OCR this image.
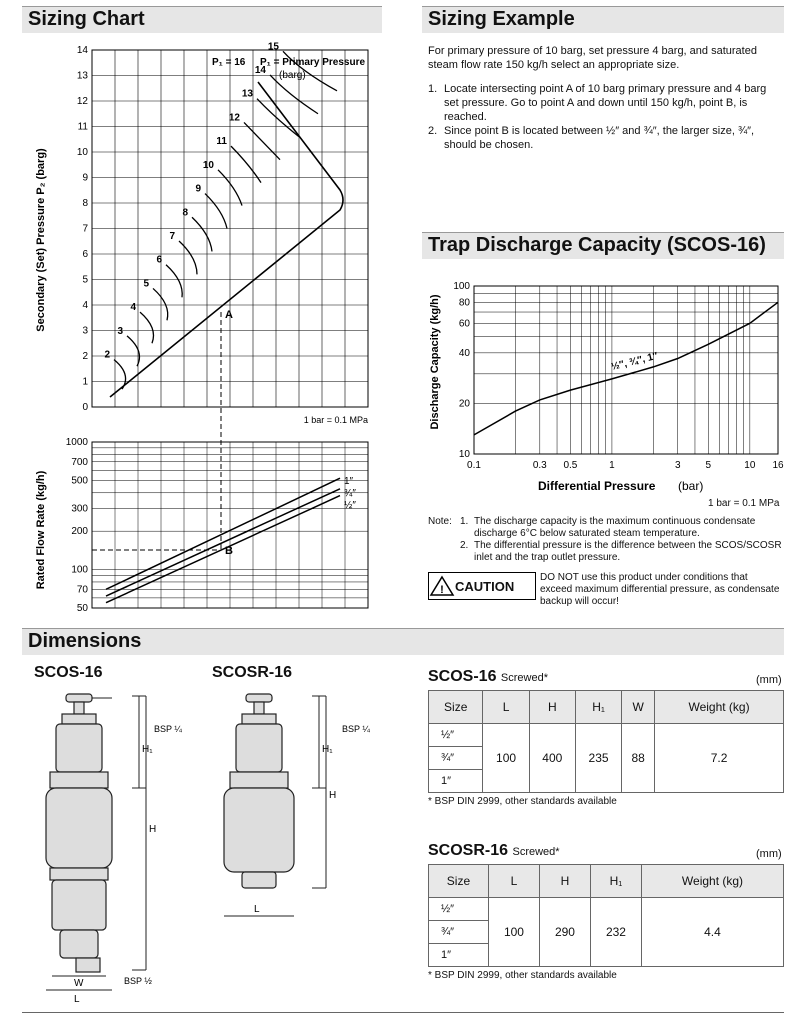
Sizing Chart	Sizing Example
Trap Discharge Capacity (SCOS-16)
Dimensions
For primary pressure of 10 barg, set pressure 4 barg, and saturated steam flow rate 150 kg/h select an appropriate size.
1. Locate intersecting point A of 10 barg primary pressure and 4 barg set pressure. Go to point A and down until 150 kg/h, point B, is reached.
2. Since point B is located between ½″ and ¾″, the larger size, ¾″, should be chosen.
0
1
2
3
4
5
6
7
8
9
10
11
12
13
14
2
3
4
5
6
7
8
9
10
11
12
13
14
15
50
70
100
200
300
500
700
1000
A
B
P₁ = 16 P₁ = Primary Pressure
(barg)
1 bar = 0.1 MPa
Secondary (Set) Pressure P₂ (barg)
Rated Flow Rate (kg/h)	1″
¾″
½″
0.1	0.3 0.5	1	3	5	10 16
10
20
40
60
80
100
½″, ¾″, 1″
Differential Pressure (bar)
Discharge Capacity (kg/h)
1 bar = 0.1 MPa
Note: 1. The discharge capacity is the maximum continuous condensate discharge 6°C below saturated steam temperature.
2. The differential pressure is the difference between the SCOS/SCOSR inlet and the trap outlet pressure.
! CAUTION
DO NOT use this product under conditions that exceed maximum differential pressure, as condensate backup will occur!
SCOS-16	SCOSR-16
H₁
H
W
L
BSP ¼
BSP ½
H₁
H
L
BSP ¼
SCOS-16 Screwed*	(mm)
Size	L	H	H₁	W	Weight (kg)
½″	100	400	235	88	7.2
¾″					
1″					
* BSP DIN 2999, other standards available
SCOSR-16 Screwed*	(mm)
Size	L	H	H₁	Weight (kg)
½″	100	290	232	4.4
¾″				
1″				
* BSP DIN 2999, other standards available
